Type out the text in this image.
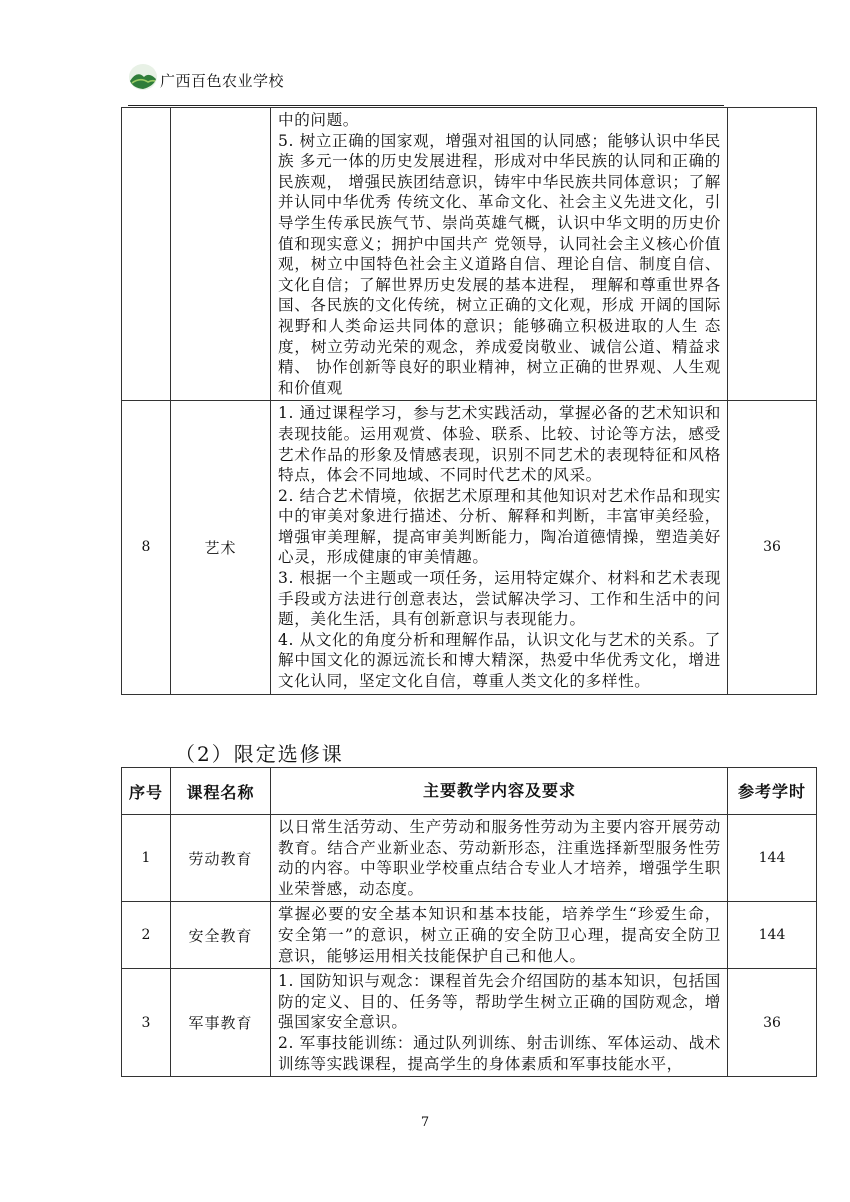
广西百色农业学校

		中的问题。

5. 树立正确的国家观，增强对祖国的认同感；能够认识中华民族 多元一体的历史发展进程，形成对中华民族的认同和正确的民族观， 增强民族团结意识，铸牢中华民族共同体意识；了解并认同中华优秀 传统文化、革命文化、社会主义先进文化，引导学生传承民族气节、崇尚英雄气概，认识中华文明的历史价值和现实意义；拥护中国共产 党领导，认同社会主义核心价值观，树立中国特色社会主义道路自信、理论自信、制度自信、文化自信；了解世界历史发展的基本进程， 理解和尊重世界各国、各民族的文化传统，树立正确的文化观，形成 开阔的国际视野和人类命运共同体的意识；能够确立积极进取的人生 态度，树立劳动光荣的观念，养成爱岗敬业、诚信公道、精益求精、 协作创新等良好的职业精神，树立正确的世界观、人生观和价值观	

8	艺术	1. 通过课程学习，参与艺术实践活动，掌握必备的艺术知识和表现技能。运用观赏、体验、联系、比较、讨论等方法，感受艺术作品的形象及情感表现，识别不同艺术的表现特征和风格特点，体会不同地域、不同时代艺术的风采。

2. 结合艺术情境，依据艺术原理和其他知识对艺术作品和现实中的审美对象进行描述、分析、解释和判断，丰富审美经验，增强审美理解，提高审美判断能力，陶冶道德情操，塑造美好心灵，形成健康的审美情趣。

3. 根据一个主题或一项任务，运用特定媒介、材料和艺术表现手段或方法进行创意表达，尝试解决学习、工作和生活中的问题，美化生活，具有创新意识与表现能力。

4. 从文化的角度分析和理解作品，认识文化与艺术的关系。了解中国文化的源远流长和博大精深，热爱中华优秀文化，增进文化认同，坚定文化自信，尊重人类文化的多样性。	36
（2）限定选修课
序号	课程名称	主要教学内容及要求	参考学时
1	劳动教育	以日常生活劳动、生产劳动和服务性劳动为主要内容开展劳动教育。结合产业新业态、劳动新形态，注重选择新型服务性劳动的内容。中等职业学校重点结合专业人才培养，增强学生职业荣誉感，动态度。	144
2	安全教育	掌握必要的安全基本知识和基本技能，培养学生“珍爱生命，安全第一”的意识，树立正确的安全防卫心理，提高安全防卫意识，能够运用相关技能保护自己和他人。	144
3	军事教育	1. 国防知识与观念：课程首先会介绍国防的基本知识，包括国防的定义、目的、任务等，帮助学生树立正确的国防观念，增强国家安全意识。

2. 军事技能训练：通过队列训练、射击训练、军体运动、战术训练等实践课程，提高学生的身体素质和军事技能水平，	36
7
